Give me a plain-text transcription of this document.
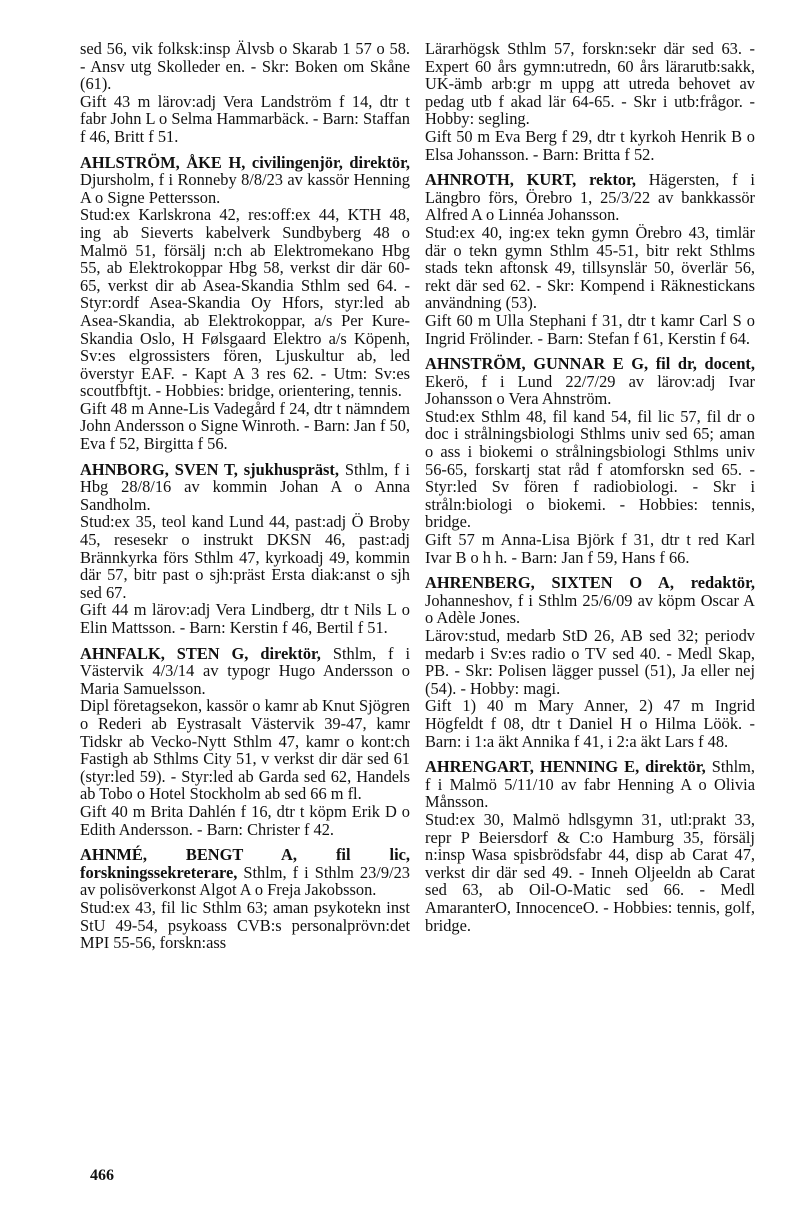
sed 56, vik folksk:insp Älvsb o Skarab 1 57 o 58. - Ansv utg Skolleder en. - Skr: Boken om Skåne (61).

Gift 43 m lärov:adj Vera Landström f 14, dtr t fabr John L o Selma Hammarbäck. - Barn: Staffan f 46, Britt f 51.

AHLSTRÖM, ÅKE H, civilingenjör, direktör, Djursholm, f i Ronneby 8/8/23 av kassör Henning A o Signe Pettersson.

Stud:ex Karlskrona 42, res:off:ex 44, KTH 48, ing ab Sieverts kabelverk Sundbyberg 48 o Malmö 51, försälj n:ch ab Elektromekano Hbg 55, ab Elektrokoppar Hbg 58, verkst dir där 60-65, verkst dir ab Asea-Skandia Sthlm sed 64. - Styr:ordf Asea-Skandia Oy Hfors, styr:led ab Asea-Skandia, ab Elektrokoppar, a/s Per Kure-Skandia Oslo, H Følsgaard Elektro a/s Köpenh, Sv:es elgrossisters fören, Ljuskultur ab, led överstyr EAF. - Kapt A 3 res 62. - Utm: Sv:es scoutfbftjt. - Hobbies: bridge, orientering, tennis.

Gift 48 m Anne-Lis Vadegård f 24, dtr t nämndem John Andersson o Signe Winroth. - Barn: Jan f 50, Eva f 52, Birgitta f 56.

AHNBORG, SVEN T, sjukhuspräst, Sthlm, f i Hbg 28/8/16 av kommin Johan A o Anna Sandholm.

Stud:ex 35, teol kand Lund 44, past:adj Ö Broby 45, resesekr o instrukt DKSN 46, past:adj Brännkyrka förs Sthlm 47, kyrkoadj 49, kommin där 57, bitr past o sjh:präst Ersta diak:anst o sjh sed 67.

Gift 44 m lärov:adj Vera Lindberg, dtr t Nils L o Elin Mattsson. - Barn: Kerstin f 46, Bertil f 51.

AHNFALK, STEN G, direktör, Sthlm, f i Västervik 4/3/14 av typogr Hugo Andersson o Maria Samuelsson.

Dipl företagsekon, kassör o kamr ab Knut Sjögren o Rederi ab Eystrasalt Västervik 39-47, kamr Tidskr ab Vecko-Nytt Sthlm 47, kamr o kont:ch Fastigh ab Sthlms City 51, v verkst dir där sed 61 (styr:led 59). - Styr:led ab Garda sed 62, Handels ab Tobo o Hotel Stockholm ab sed 66 m fl.

Gift 40 m Brita Dahlén f 16, dtr t köpm Erik D o Edith Andersson. - Barn: Christer f 42.

AHNMÉ, BENGT A, fil lic, forskningssekreterare, Sthlm, f i Sthlm 23/9/23 av polisöverkonst Algot A o Freja Jakobsson.

Stud:ex 43, fil lic Sthlm 63; aman psykotekn inst StU 49-54, psykoass CVB:s personalprövn:det MPI 55-56, forskn:ass

Lärarhögsk Sthlm 57, forskn:sekr där sed 63. - Expert 60 års gymn:utredn, 60 års lärarutb:sakk, UK-ämb arb:gr m uppg att utreda behovet av pedag utb f akad lär 64-65. - Skr i utb:frågor. - Hobby: segling.

Gift 50 m Eva Berg f 29, dtr t kyrkoh Henrik B o Elsa Johansson. - Barn: Britta f 52.

AHNROTH, KURT, rektor, Hägersten, f i Längbro förs, Örebro 1, 25/3/22 av bankkassör Alfred A o Linnéa Johansson.

Stud:ex 40, ing:ex tekn gymn Örebro 43, timlär där o tekn gymn Sthlm 45-51, bitr rekt Sthlms stads tekn aftonsk 49, tillsynslär 50, överlär 56, rekt där sed 62. - Skr: Kompend i Räknestickans användning (53).

Gift 60 m Ulla Stephani f 31, dtr t kamr Carl S o Ingrid Frölinder. - Barn: Stefan f 61, Kerstin f 64.

AHNSTRÖM, GUNNAR E G, fil dr, docent, Ekerö, f i Lund 22/7/29 av lärov:adj Ivar Johansson o Vera Ahnström.

Stud:ex Sthlm 48, fil kand 54, fil lic 57, fil dr o doc i strålningsbiologi Sthlms univ sed 65; aman o ass i biokemi o strålningsbiologi Sthlms univ 56-65, forskartj stat råd f atomforskn sed 65. - Styr:led Sv fören f radiobiologi. - Skr i stråln:biologi o biokemi. - Hobbies: tennis, bridge.

Gift 57 m Anna-Lisa Björk f 31, dtr t red Karl Ivar B o h h. - Barn: Jan f 59, Hans f 66.

AHRENBERG, SIXTEN O A, redaktör, Johanneshov, f i Sthlm 25/6/09 av köpm Oscar A o Adèle Jones.

Lärov:stud, medarb StD 26, AB sed 32; periodv medarb i Sv:es radio o TV sed 40. - Medl Skap, PB. - Skr: Polisen lägger pussel (51), Ja eller nej (54). - Hobby: magi.

Gift 1) 40 m Mary Anner, 2) 47 m Ingrid Högfeldt f 08, dtr t Daniel H o Hilma Löök. - Barn: i 1:a äkt Annika f 41, i 2:a äkt Lars f 48.

AHRENGART, HENNING E, direktör, Sthlm, f i Malmö 5/11/10 av fabr Henning A o Olivia Månsson.

Stud:ex 30, Malmö hdlsgymn 31, utl:prakt 33, repr P Beiersdorf & C:o Hamburg 35, försälj n:insp Wasa spisbrödsfabr 44, disp ab Carat 47, verkst dir där sed 49. - Inneh Oljeeldn ab Carat sed 63, ab Oil-O-Matic sed 66. - Medl AmaranterO, InnocenceO. - Hobbies: tennis, golf, bridge.

466
